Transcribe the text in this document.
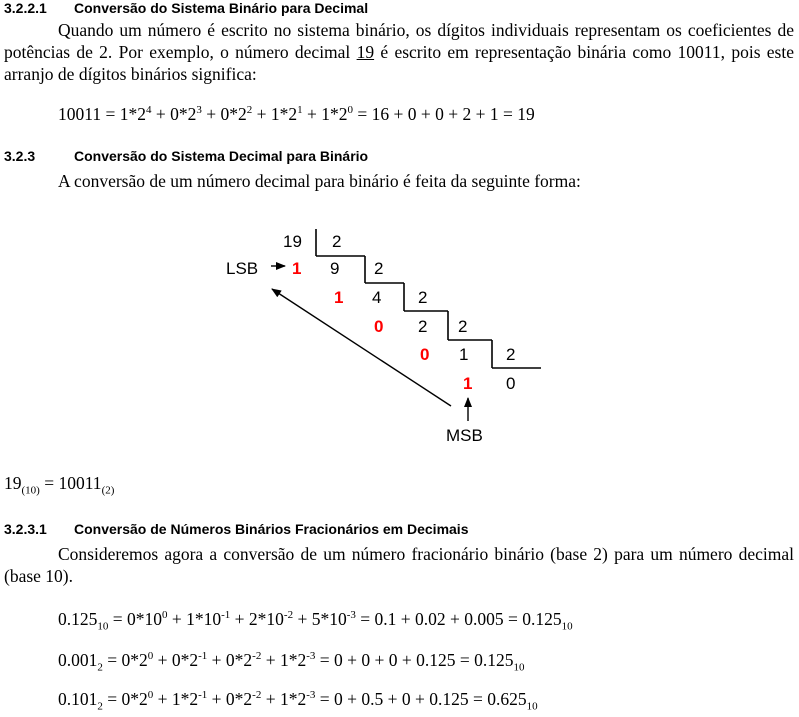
3.2.2.1 Conversão do Sistema Binário para Decimal
Quando um número é escrito no sistema binário, os dígitos individuais representam os coeficientes de potências de 2. Por exemplo, o número decimal 19 é escrito em representação binária como 10011, pois este arranjo de dígitos binários significa:
$10011 = 1*2^4 + 0*2^3 + 0*2^2 + 1*2^1 + 1*2^0 = 16 + 0 + 0 + 2 + 1 = 19$
3.2.3	Conversão do Sistema Decimal para Binário
A conversão de um número decimal para binário é feita da seguinte forma:
19
9
4
2
1
0
2
2
2
2
2
LSB
MSB
1
1
0
0
1
$19_{(10)} = 10011_{(2)}$
3.2.3.1 Conversão de Números Binários Fracionários em Decimais
Consideremos agora a conversão de um número fracionário binário (base 2) para um número decimal (base 10).
$0.125_{10} = 0*10^0 + 1*10^{-1} + 2*10^{-2} + 5*10^{-3} = 0.1 + 0.02 + 0.005 = 0.125_{10}$
$0.001_2 = 0*2^0 + 0*2^{-1} + 0*2^{-2} + 1*2^{-3} = 0 + 0 + 0 + 0.125 = 0.125_{10}$
$0.101_2 = 0*2^0 + 1*2^{-1} + 0*2^{-2} + 1*2^{-3} = 0 + 0.5 + 0 + 0.125 = 0.625_{10}$
